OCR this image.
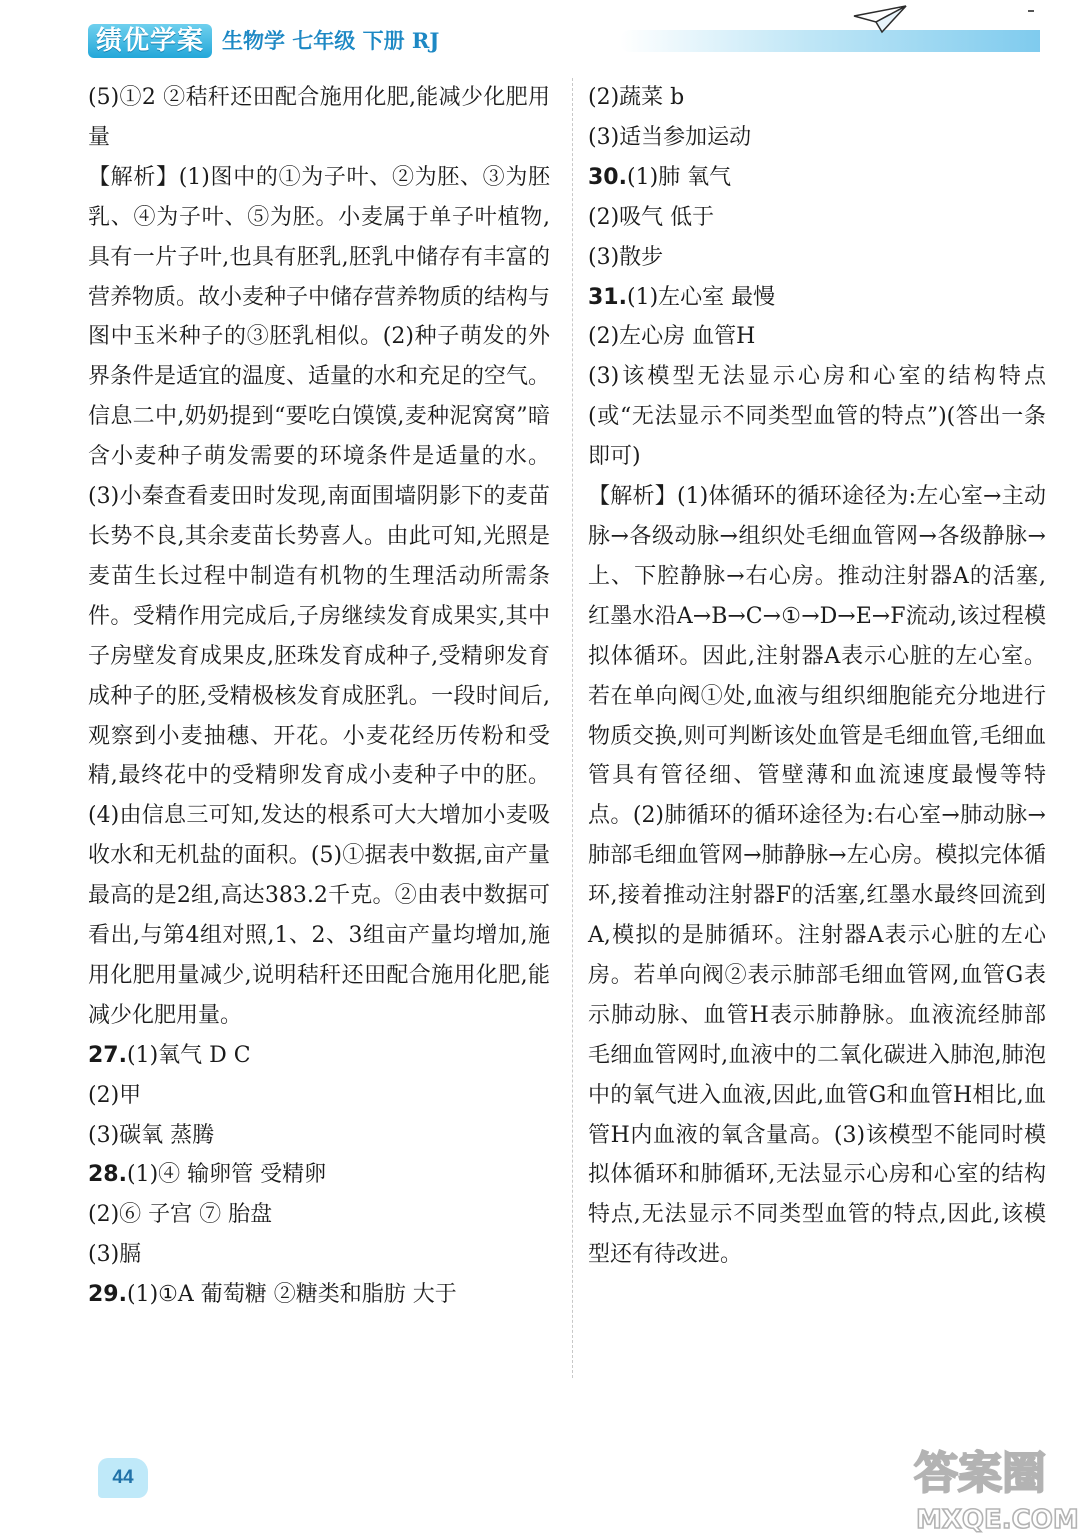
绩优学案 生物学 七年级 下册 RJ

(5)①2 ②秸秆还田配合施用化肥,能减少化肥用量

【解析】(1)图中的①为子叶、②为胚、③为胚乳、④为子叶、⑤为胚。小麦属于单子叶植物,具有一片子叶,也具有胚乳,胚乳中储存有丰富的营养物质。故小麦种子中储存营养物质的结构与图中玉米种子的③胚乳相似。(2)种子萌发的外界条件是适宜的温度、适量的水和充足的空气。信息二中,奶奶提到“要吃白馍馍,麦种泥窝窝”暗含小麦种子萌发需要的环境条件是适量的水。(3)小秦查看麦田时发现,南面围墙阴影下的麦苗长势不良,其余麦苗长势喜人。由此可知,光照是麦苗生长过程中制造有机物的生理活动所需条件。受精作用完成后,子房继续发育成果实,其中子房壁发育成果皮,胚珠发育成种子,受精卵发育成种子的胚,受精极核发育成胚乳。一段时间后,观察到小麦抽穗、开花。小麦花经历传粉和受精,最终花中的受精卵发育成小麦种子中的胚。(4)由信息三可知,发达的根系可大大增加小麦吸收水和无机盐的面积。(5)①据表中数据,亩产量最高的是2组,高达383.2千克。②由表中数据可看出,与第4组对照,1、2、3组亩产量均增加,施用化肥用量减少,说明秸秆还田配合施用化肥,能减少化肥用量。

27.(1)氧气 D C

(2)甲

(3)碳氧 蒸腾

28.(1)④ 输卵管 受精卵

(2)⑥ 子宫 ⑦ 胎盘

(3)膈

29.(1)①A 葡萄糖 ②糖类和脂肪 大于

(2)蔬菜 b

(3)适当参加运动

30.(1)肺 氧气

(2)吸气 低于

(3)散步

31.(1)左心室 最慢

(2)左心房 血管H

(3)该模型无法显示心房和心室的结构特点(或“无法显示不同类型血管的特点”)(答出一条即可)

【解析】(1)体循环的循环途径为:左心室→主动脉→各级动脉→组织处毛细血管网→各级静脉→上、下腔静脉→右心房。推动注射器A的活塞,红墨水沿A→B→C→①→D→E→F流动,该过程模拟体循环。因此,注射器A表示心脏的左心室。若在单向阀①处,血液与组织细胞能充分地进行物质交换,则可判断该处血管是毛细血管,毛细血管具有管径细、管壁薄和血流速度最慢等特点。(2)肺循环的循环途径为:右心室→肺动脉→肺部毛细血管网→肺静脉→左心房。模拟完体循环,接着推动注射器F的活塞,红墨水最终回流到A,模拟的是肺循环。注射器A表示心脏的左心房。若单向阀②表示肺部毛细血管网,血管G表示肺动脉、血管H表示肺静脉。血液流经肺部毛细血管网时,血液中的二氧化碳进入肺泡,肺泡中的氧气进入血液,因此,血管G和血管H相比,血管H内血液的氧含量高。(3)该模型不能同时模拟体循环和肺循环,无法显示心房和心室的结构特点,无法显示不同类型血管的特点,因此,该模型还有待改进。

44	答案圈
MXQE.COM
